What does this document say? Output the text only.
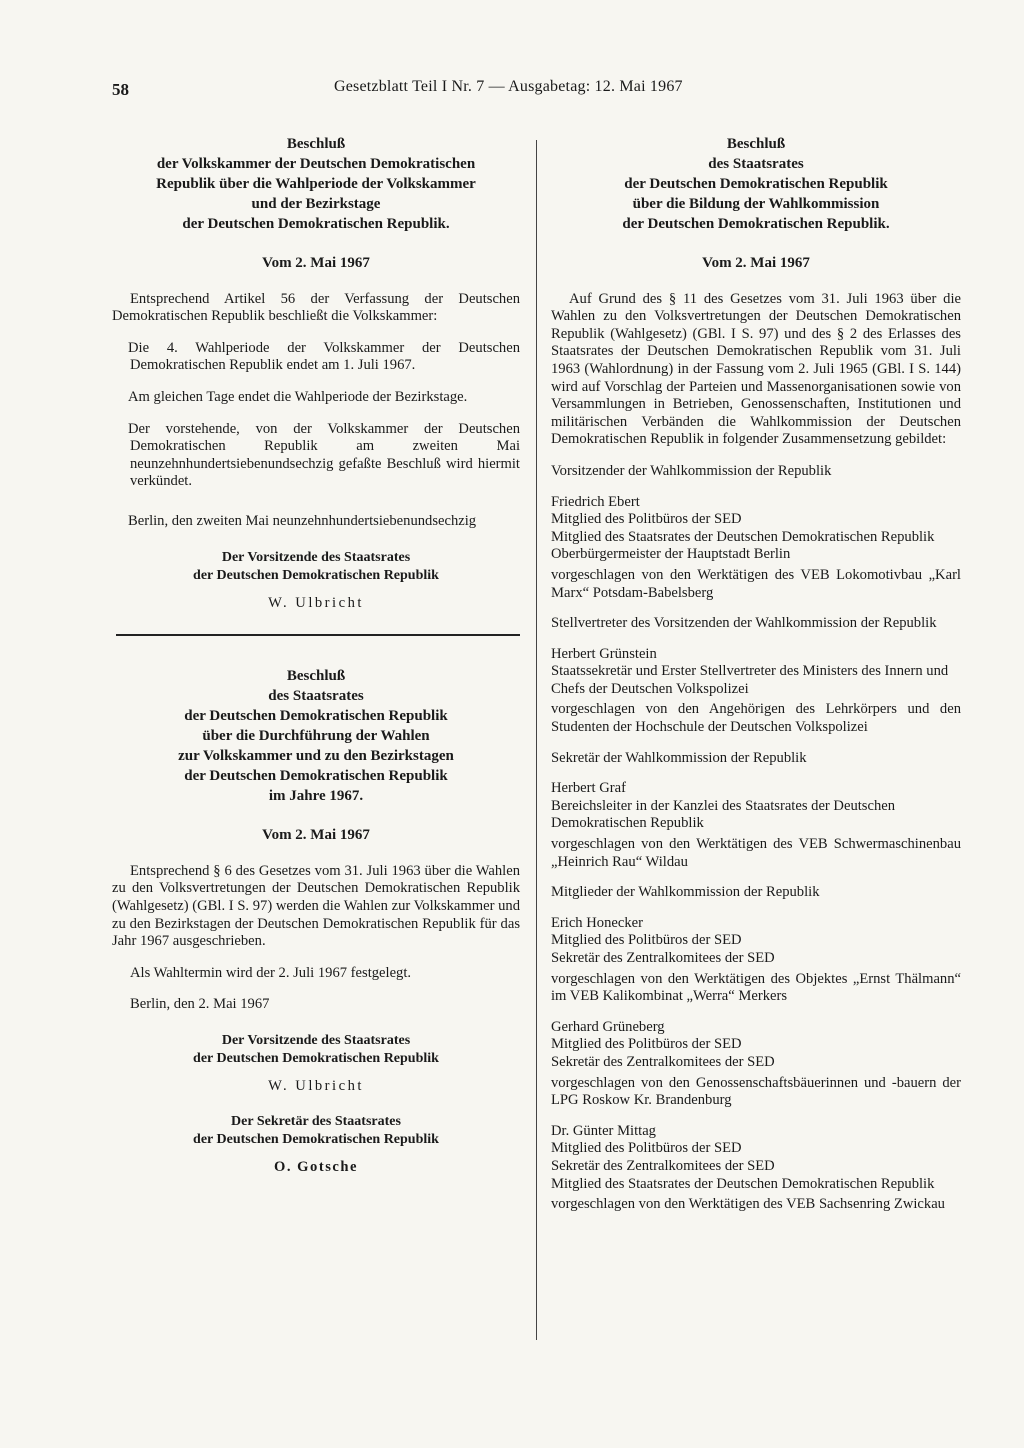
58	Gesetzblatt Teil I Nr. 7 — Ausgabetag: 12. Mai 1967
Beschluß
der Volkskammer der Deutschen Demokratischen
Republik über die Wahlperiode der Volkskammer
und der Bezirkstage
der Deutschen Demokratischen Republik.
Vom 2. Mai 1967

Entsprechend Artikel 56 der Verfassung der Deutschen Demokratischen Republik beschließt die Volkskammer:

Die 4. Wahlperiode der Volkskammer der Deutschen Demokratischen Republik endet am 1. Juli 1967.

Am gleichen Tage endet die Wahlperiode der Bezirkstage.

Der vorstehende, von der Volkskammer der Deutschen Demokratischen Republik am zweiten Mai neunzehnhundertsiebenundsechzig gefaßte Beschluß wird hiermit verkündet.

Berlin, den zweiten Mai neunzehnhundertsiebenundsechzig

Der Vorsitzende des Staatsrates
der Deutschen Demokratischen Republik
W. Ulbricht
Beschluß
des Staatsrates
der Deutschen Demokratischen Republik
über die Durchführung der Wahlen
zur Volkskammer und zu den Bezirkstagen
der Deutschen Demokratischen Republik
im Jahre 1967.
Vom 2. Mai 1967

Entsprechend § 6 des Gesetzes vom 31. Juli 1963 über die Wahlen zu den Volksvertretungen der Deutschen Demokratischen Republik (Wahlgesetz) (GBl. I S. 97) werden die Wahlen zur Volkskammer und zu den Bezirkstagen der Deutschen Demokratischen Republik für das Jahr 1967 ausgeschrieben.

Als Wahltermin wird der 2. Juli 1967 festgelegt.

Berlin, den 2. Mai 1967

Der Vorsitzende des Staatsrates
der Deutschen Demokratischen Republik
W. Ulbricht
Der Sekretär des Staatsrates
der Deutschen Demokratischen Republik
O. Gotsche
Beschluß
des Staatsrates
der Deutschen Demokratischen Republik
über die Bildung der Wahlkommission
der Deutschen Demokratischen Republik.
Vom 2. Mai 1967

Auf Grund des § 11 des Gesetzes vom 31. Juli 1963 über die Wahlen zu den Volksvertretungen der Deutschen Demokratischen Republik (Wahlgesetz) (GBl. I S. 97) und des § 2 des Erlasses des Staatsrates der Deutschen Demokratischen Republik vom 31. Juli 1963 (Wahlordnung) in der Fassung vom 2. Juli 1965 (GBl. I S. 144) wird auf Vorschlag der Parteien und Massenorganisationen sowie von Versammlungen in Betrieben, Genossenschaften, Institutionen und militärischen Verbänden die Wahlkommission der Deutschen Demokratischen Republik in folgender Zusammensetzung gebildet:

Vorsitzender der Wahlkommission der Republik
Friedrich Ebert
Mitglied des Politbüros der SED
Mitglied des Staatsrates der Deutschen Demokratischen Republik
Oberbürgermeister der Hauptstadt Berlin
vorgeschlagen von den Werktätigen des VEB Lokomotivbau „Karl Marx“ Potsdam-Babelsberg
Stellvertreter des Vorsitzenden der Wahlkommission der Republik
Herbert Grünstein
Staatssekretär und Erster Stellvertreter des Ministers des Innern und Chefs der Deutschen Volkspolizei
vorgeschlagen von den Angehörigen des Lehrkörpers und den Studenten der Hochschule der Deutschen Volkspolizei
Sekretär der Wahlkommission der Republik
Herbert Graf
Bereichsleiter in der Kanzlei des Staatsrates der Deutschen Demokratischen Republik
vorgeschlagen von den Werktätigen des VEB Schwermaschinenbau „Heinrich Rau“ Wildau
Mitglieder der Wahlkommission der Republik
Erich Honecker
Mitglied des Politbüros der SED
Sekretär des Zentralkomitees der SED
vorgeschlagen von den Werktätigen des Objektes „Ernst Thälmann“ im VEB Kalikombinat „Werra“ Merkers
Gerhard Grüneberg
Mitglied des Politbüros der SED
Sekretär des Zentralkomitees der SED
vorgeschlagen von den Genossenschaftsbäuerinnen und -bauern der LPG Roskow Kr. Brandenburg
Dr. Günter Mittag
Mitglied des Politbüros der SED
Sekretär des Zentralkomitees der SED
Mitglied des Staatsrates der Deutschen Demokratischen Republik
vorgeschlagen von den Werktätigen des VEB Sachsenring Zwickau
